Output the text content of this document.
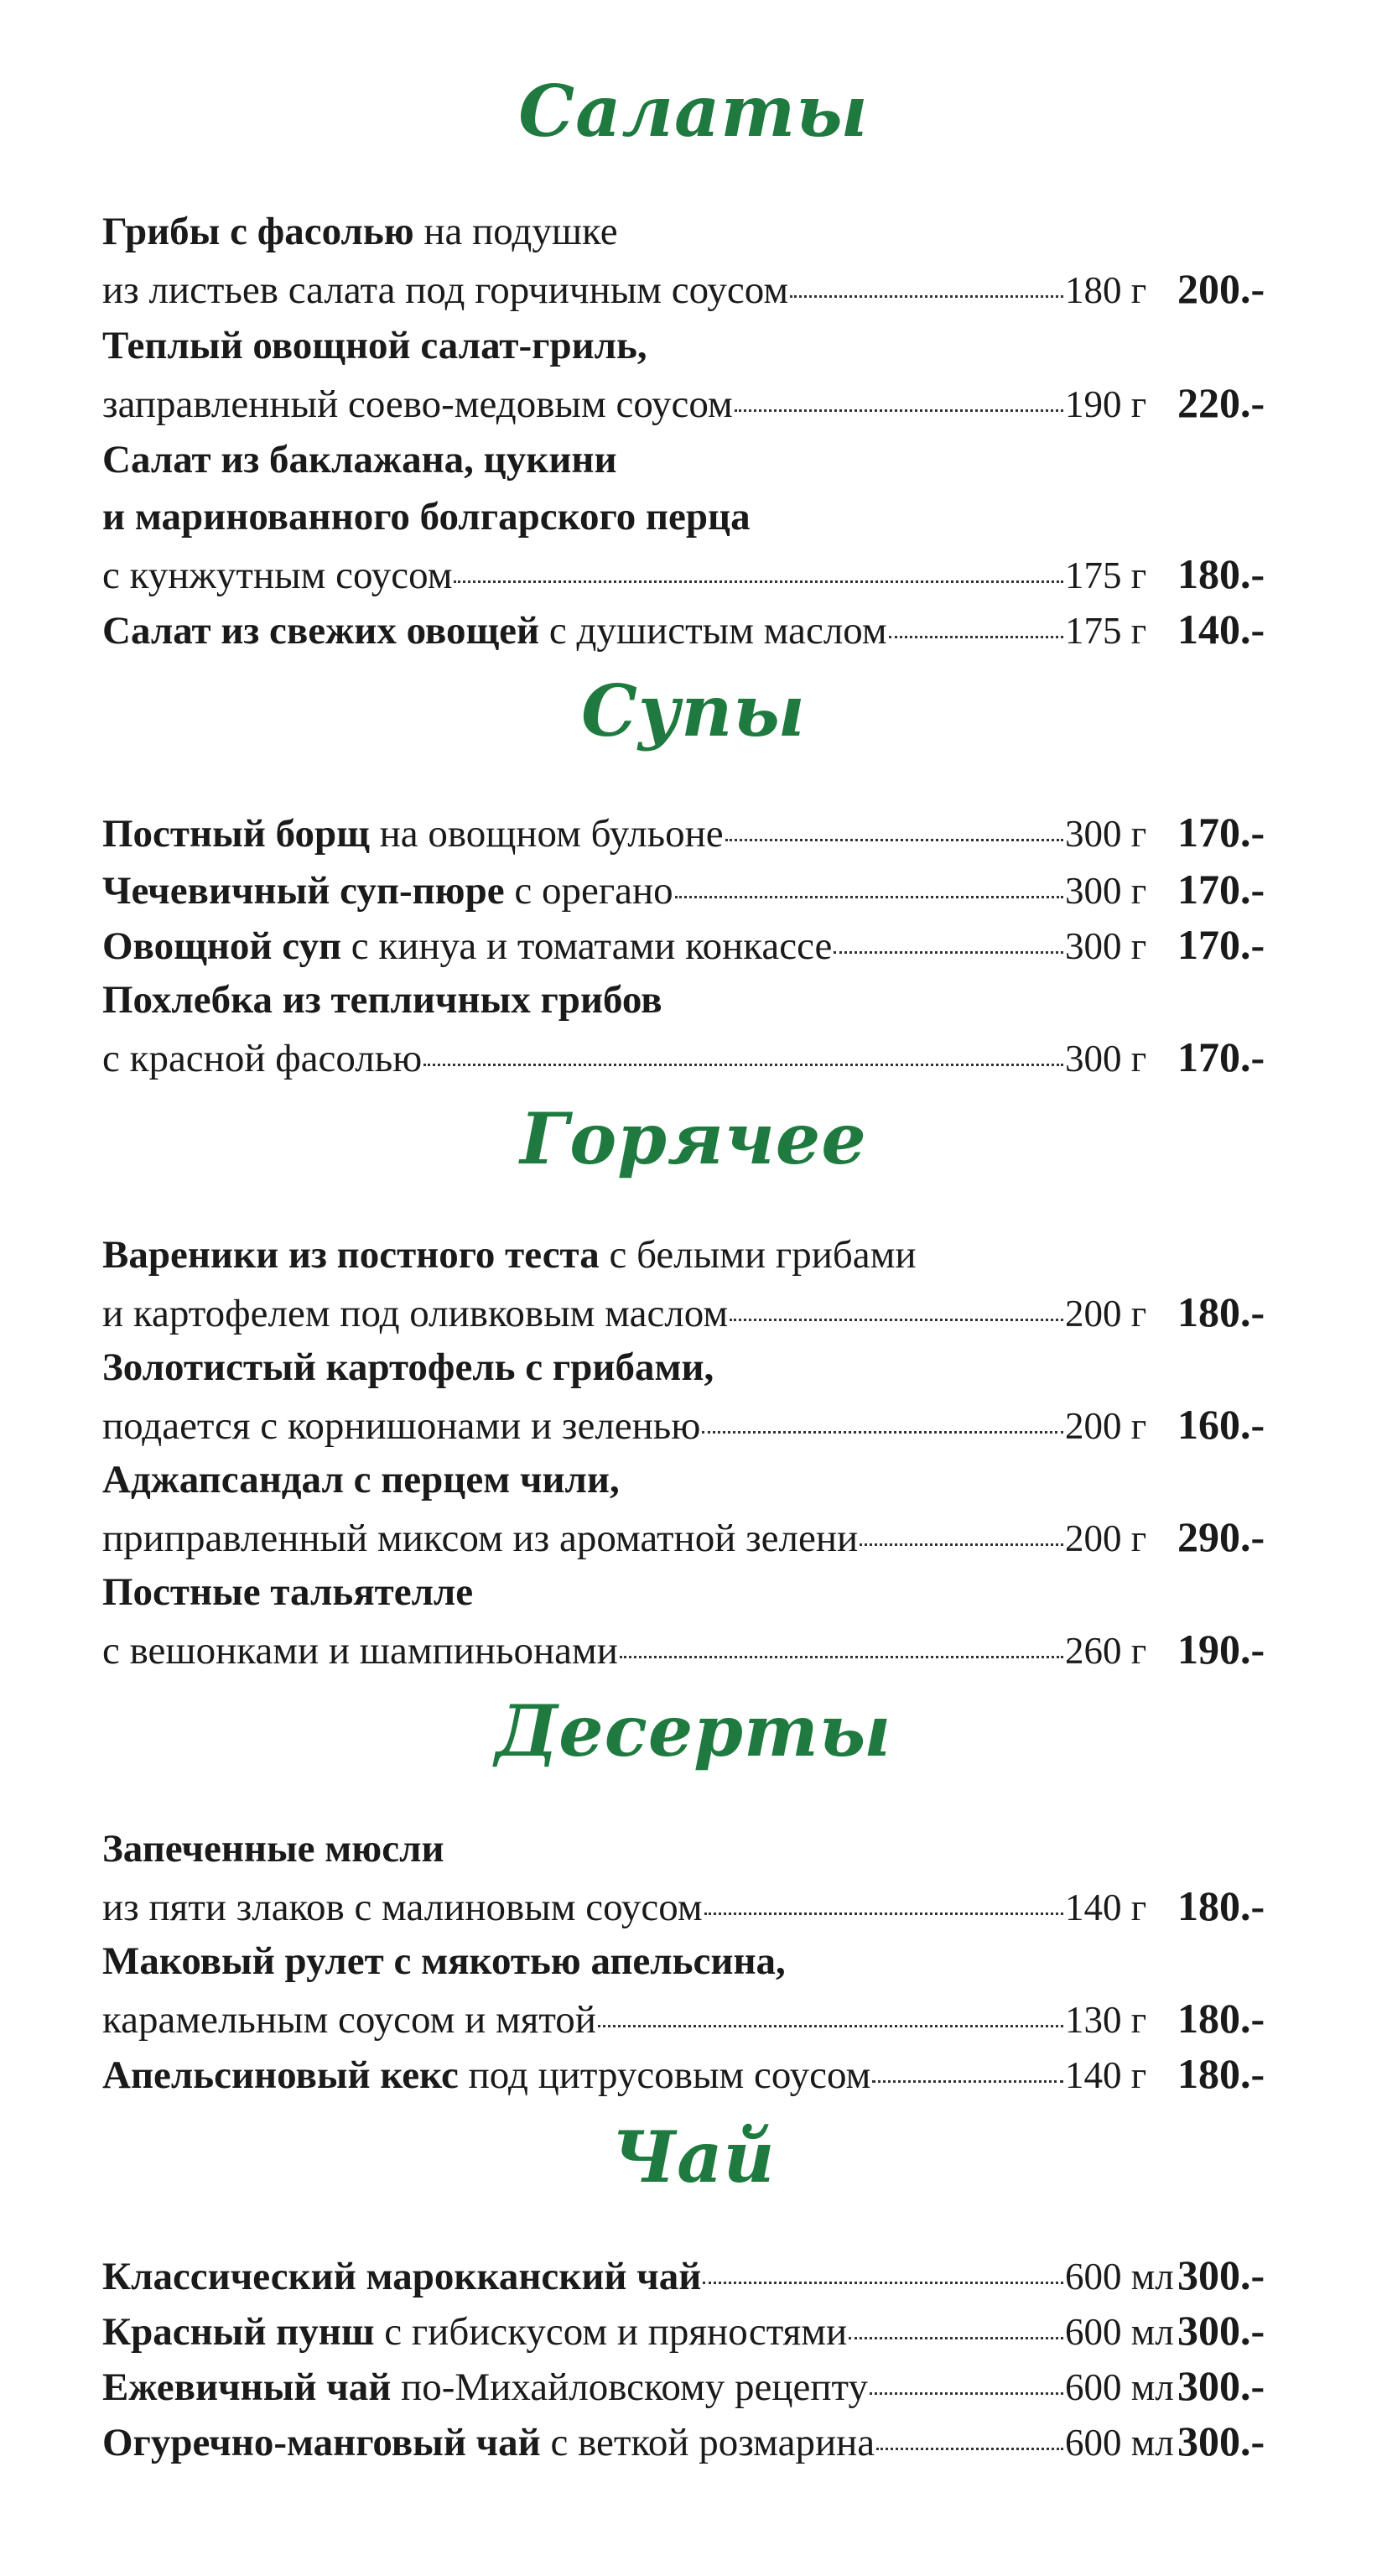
Салаты
Грибы с фасолью на подушке
из листьев салата под горчичным соусом	180 г 200.-
Теплый овощной салат-гриль,
заправленный соево-медовым соусом	190 г 220.-
Салат из баклажана, цукини
и маринованного болгарского перца
с кунжутным соусом	175 г 180.-
Салат из свежих овощей с душистым маслом	175 г 140.-
Супы
Постный борщ на овощном бульоне	300 г 170.-
Чечевичный суп-пюре с орегано	300 г 170.-
Овощной суп с кинуа и томатами конкассе	300 г 170.-
Похлебка из тепличных грибов
с красной фасолью	300 г 170.-
Горячее
Вареники из постного теста с белыми грибами
и картофелем под оливковым маслом	200 г 180.-
Золотистый картофель с грибами,
подается с корнишонами и зеленью	200 г 160.-
Аджапсандал с перцем чили,
приправленный миксом из ароматной зелени	200 г 290.-
Постные тальятелле
с вешонками и шампиньонами	260 г 190.-
Десерты
Запеченные мюсли
из пяти злаков с малиновым соусом	140 г 180.-
Маковый рулет с мякотью апельсина,
карамельным соусом и мятой	130 г 180.-
Апельсиновый кекс под цитрусовым соусом	140 г 180.-
Чай
Классический марокканский чай	600 мл 300.-
Красный пунш с гибискусом и пряностями	600 мл 300.-
Ежевичный чай по-Михайловскому рецепту	600 мл 300.-
Огуречно-манговый чай с веткой розмарина	600 мл 300.-
